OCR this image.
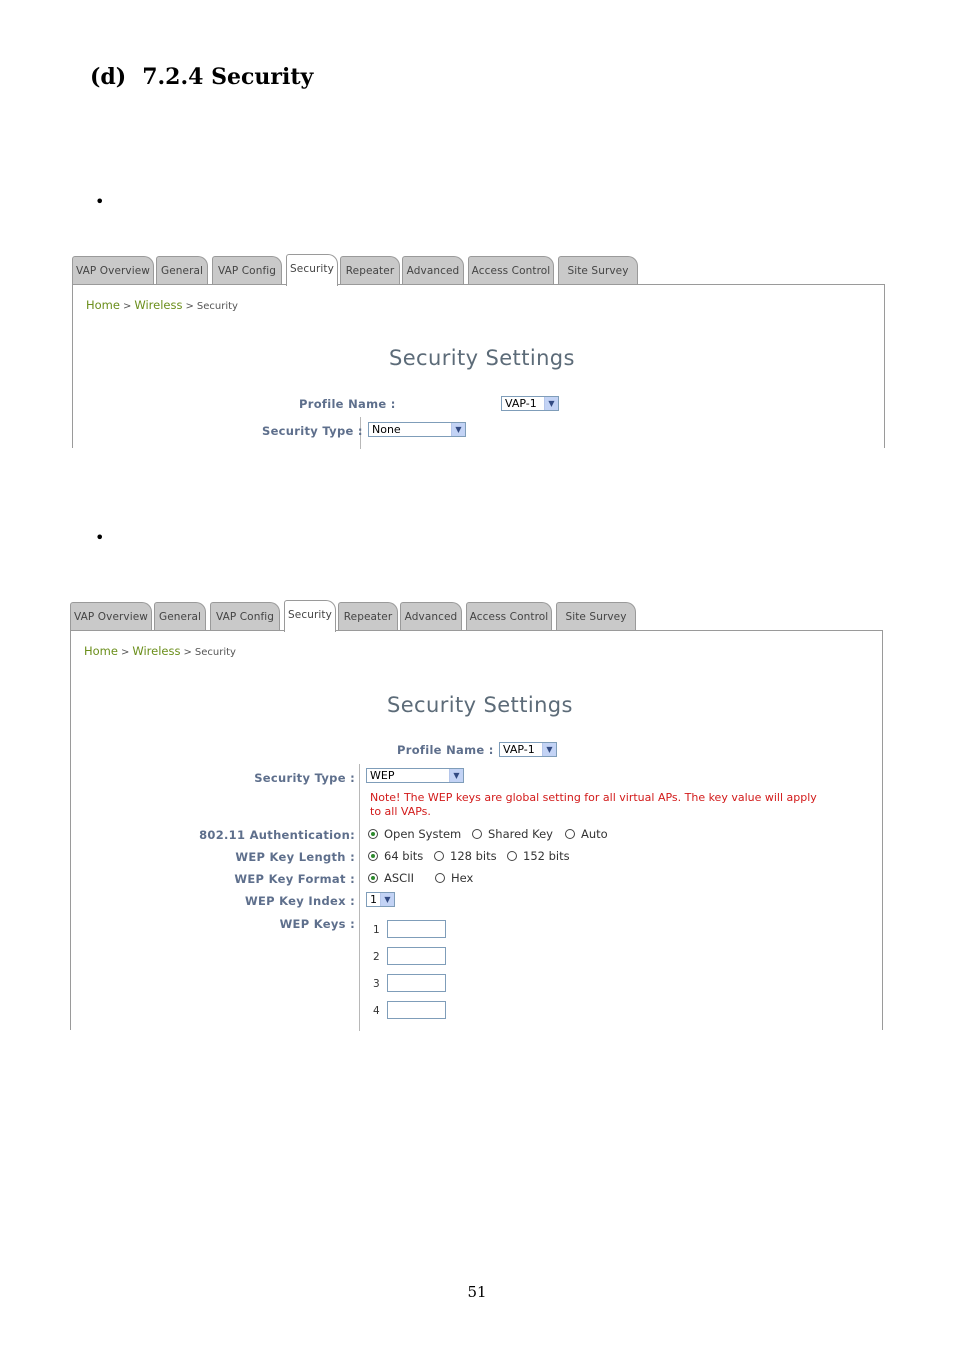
(d) 7.2.4 Security
•
•
VAP Overview	General	VAP Config	Security	Repeater	Advanced	Access Control	Site Survey
Home > Wireless > Security
Security Settings
Profile Name :	VAP-1	▼
Security Type : None	▼
VAP Overview	General	VAP Config	Security	Repeater	Advanced	Access Control	Site Survey
Home > Wireless > Security
Security Settings
Profile Name : VAP-1	▼
Security Type :	WEP	▼
Note! The WEP keys are global setting for all virtual APs. The key value will apply to all VAPs.
802.11 Authentication:	Open System	Shared Key	Auto
WEP Key Length :	64 bits	128 bits	152 bits
WEP Key Format :	ASCII	Hex
WEP Key Index :	1 ▼
WEP Keys : 1
2
3
4
51
